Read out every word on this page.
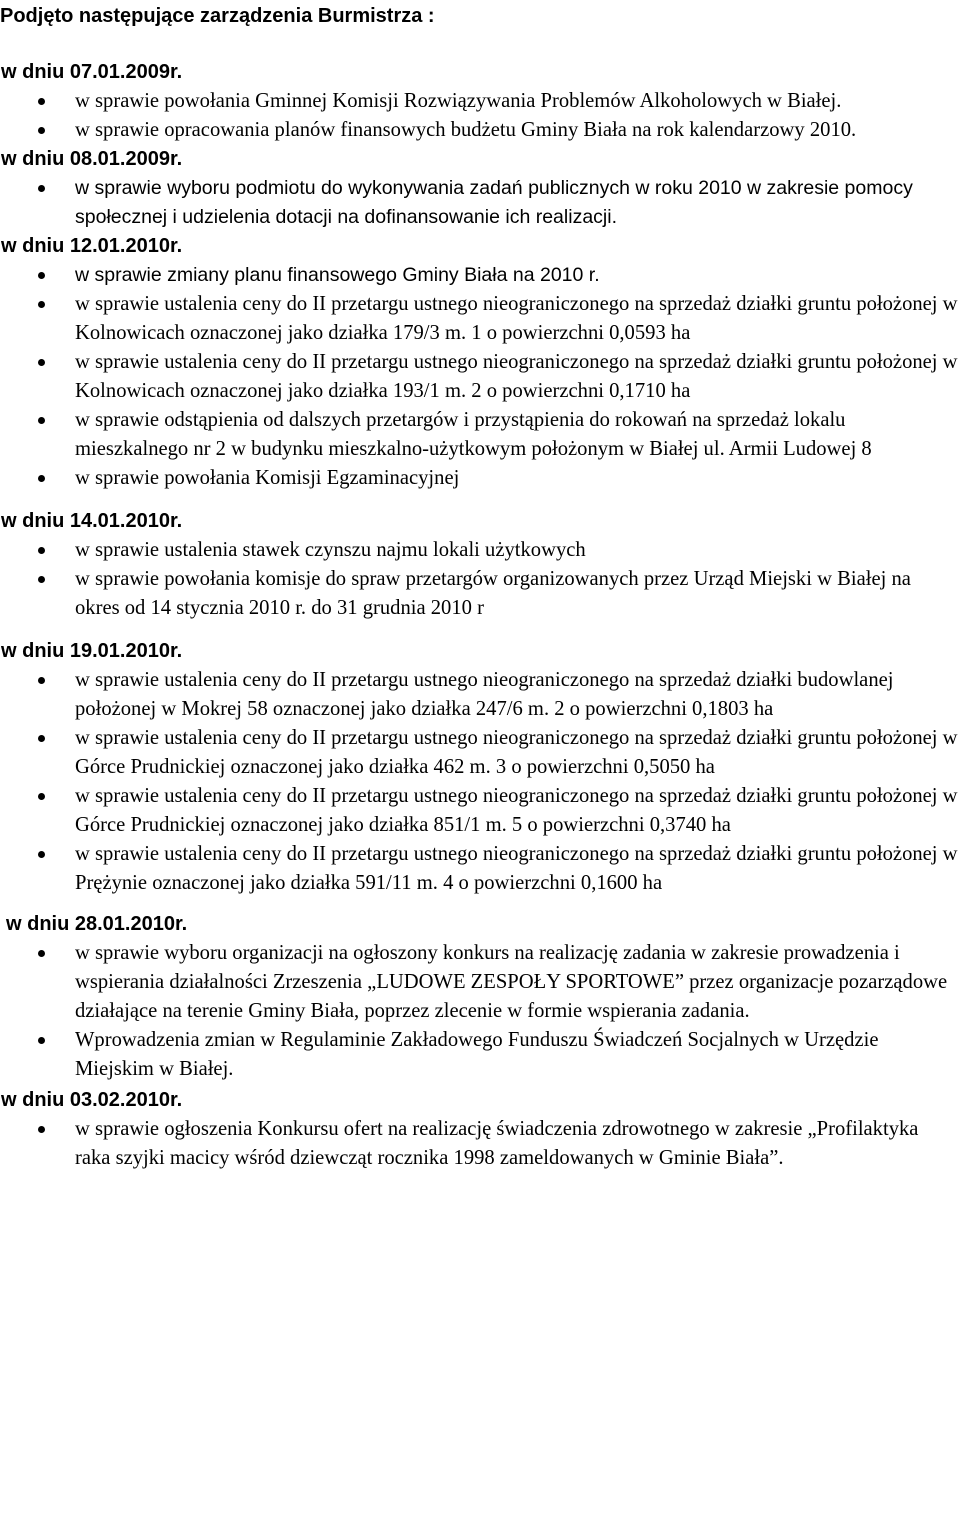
Podjęto następujące zarządzenia Burmistrza :

w dniu 07.01.2009r.

w sprawie powołania Gminnej Komisji Rozwiązywania Problemów Alkoholowych w Białej.
w sprawie opracowania planów finansowych budżetu Gminy Biała na rok kalendarzowy 2010.

w dniu 08.01.2009r.

w sprawie wyboru podmiotu do wykonywania zadań publicznych w roku 2010 w zakresie pomocy społecznej i udzielenia dotacji na dofinansowanie ich realizacji.

w dniu 12.01.2010r.

w sprawie zmiany planu finansowego Gminy Biała na 2010 r.
w sprawie ustalenia ceny do II przetargu ustnego nieograniczonego na sprzedaż działki gruntu położonej w Kolnowicach oznaczonej jako działka 179/3 m. 1 o powierzchni 0,0593 ha
w sprawie ustalenia ceny do II przetargu ustnego nieograniczonego na sprzedaż działki gruntu położonej w Kolnowicach oznaczonej jako działka 193/1 m. 2 o powierzchni 0,1710 ha
w sprawie odstąpienia od dalszych przetargów i przystąpienia do rokowań na sprzedaż lokalu mieszkalnego nr 2 w budynku mieszkalno-użytkowym położonym w Białej ul. Armii Ludowej 8
w sprawie powołania Komisji Egzaminacyjnej

w dniu 14.01.2010r.

w sprawie ustalenia stawek czynszu najmu lokali użytkowych
w sprawie powołania komisje do spraw przetargów organizowanych przez Urząd Miejski w Białej na okres od 14 stycznia 2010 r. do 31 grudnia 2010 r

w dniu 19.01.2010r.

w sprawie ustalenia ceny do II przetargu ustnego nieograniczonego na sprzedaż działki budowlanej położonej w Mokrej 58 oznaczonej jako działka 247/6 m. 2 o powierzchni 0,1803 ha
w sprawie ustalenia ceny do II przetargu ustnego nieograniczonego na sprzedaż działki gruntu położonej w Górce Prudnickiej oznaczonej jako działka 462 m. 3 o powierzchni 0,5050 ha
w sprawie ustalenia ceny do II przetargu ustnego nieograniczonego na sprzedaż działki gruntu położonej w Górce Prudnickiej oznaczonej jako działka 851/1 m. 5 o powierzchni 0,3740 ha
w sprawie ustalenia ceny do II przetargu ustnego nieograniczonego na sprzedaż działki gruntu położonej w Prężynie oznaczonej jako działka 591/11 m. 4 o powierzchni 0,1600 ha

w dniu 28.01.2010r.

w sprawie wyboru organizacji na ogłoszony konkurs na realizację zadania w zakresie prowadzenia i wspierania działalności Zrzeszenia „LUDOWE ZESPOŁY SPORTOWE” przez organizacje pozarządowe działające na terenie Gminy Biała, poprzez zlecenie w formie wspierania zadania.
Wprowadzenia zmian w Regulaminie Zakładowego Funduszu Świadczeń Socjalnych w Urzędzie Miejskim w Białej.

w dniu 03.02.2010r.

w sprawie ogłoszenia Konkursu ofert na realizację świadczenia zdrowotnego w zakresie „Profilaktyka raka szyjki macicy wśród dziewcząt rocznika 1998 zameldowanych w Gminie Biała”.
